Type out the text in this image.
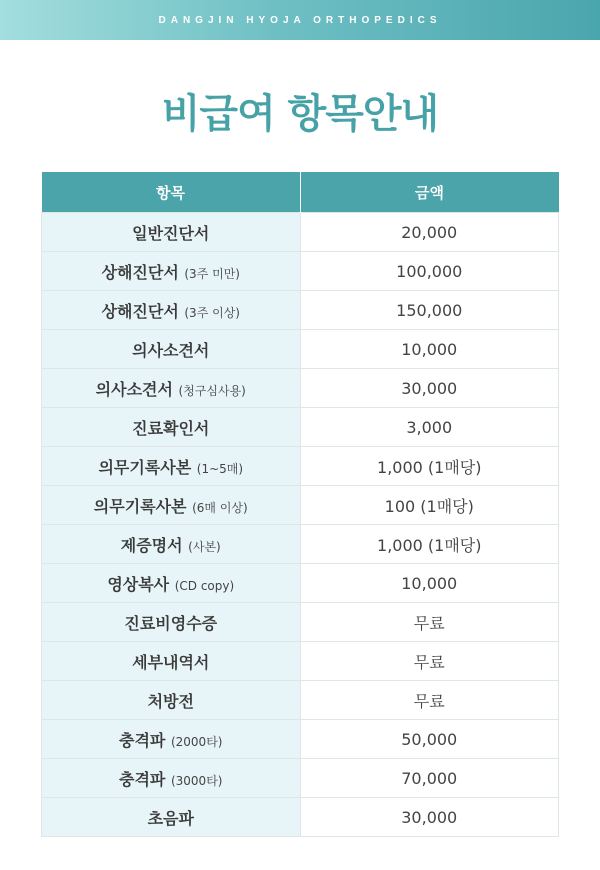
DANGJIN HYOJA ORTHOPEDICS
비급여 항목안내
항목	금액
일반진단서	20,000
상해진단서 (3주 미만)	100,000
상해진단서 (3주 이상)	150,000
의사소견서	10,000
의사소견서 (청구심사용)	30,000
진료확인서	3,000
의무기록사본 (1~5매)	1,000 (1매당)
의무기록사본 (6매 이상)	100 (1매당)
제증명서 (사본)	1,000 (1매당)
영상복사 (CD copy)	10,000
진료비영수증	무료
세부내역서	무료
처방전	무료
충격파 (2000타)	50,000
충격파 (3000타)	70,000
초음파	30,000
